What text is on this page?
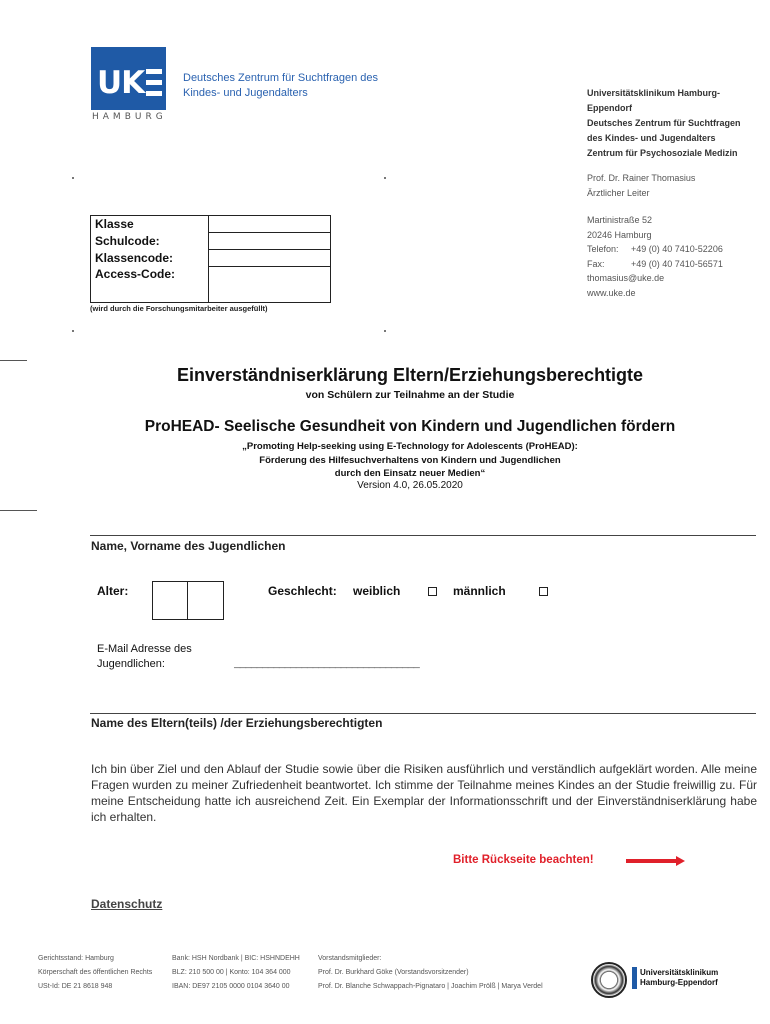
UK
HAMBURG
Deutsches Zentrum für Suchtfragen des
Kindes- und Jugendalters	Universitätsklinikum Hamburg-
Eppendorf
Deutsches Zentrum für Suchtfragen
des Kindes- und Jugendalters
Zentrum für Psychosoziale Medizin
Prof. Dr. Rainer Thomasius
Ärztlicher Leiter
Martinistraße 52
20246 Hamburg
Telefon: +49 (0) 40 7410-52206
Fax:	+49 (0) 40 7410-56571
thomasius@uke.de
www.uke.de
Klasse	
Schulcode:	
Klassencode:	
Access-Code:	
(wird durch die Forschungsmitarbeiter ausgefüllt)
Einverständniserklärung Eltern/Erziehungsberechtigte
von Schülern zur Teilnahme an der Studie
ProHEAD- Seelische Gesundheit von Kindern und Jugendlichen fördern
„Promoting Help-seeking using E-Technology for Adolescents (ProHEAD):
Förderung des Hilfesuchverhaltens von Kindern und Jugendlichen
durch den Einsatz neuer Medien“
Version 4.0, 26.05.2020
Name, Vorname des Jugendlichen
Alter:	Geschlecht: weiblich	männlich
E-Mail Adresse des Jugendlichen:	_________________________________
Name des Eltern(teils) /der Erziehungsberechtigten
Ich bin über Ziel und den Ablauf der Studie sowie über die Risiken ausführlich und verständlich aufgeklärt worden. Alle meine Fragen wurden zu meiner Zufriedenheit beantwortet. Ich stimme der Teilnahme meines Kindes an der Studie freiwillig zu. Für meine Entscheidung hatte ich ausreichend Zeit. Ein Exemplar der Informationsschrift und der Einverständniserklärung habe ich erhalten.
Bitte Rückseite beachten!
Datenschutz
Gerichtsstand: Hamburg
Körperschaft des öffentlichen Rechts
USt-Id: DE 21 8618 948
Bank: HSH Nordbank | BIC: HSHNDEHH
BLZ: 210 500 00 | Konto: 104 364 000
IBAN: DE97 2105 0000 0104 3640 00
Vorstandsmitglieder:
Prof. Dr. Burkhard Göke (Vorstandsvorsitzender)
Prof. Dr. Blanche Schwappach-Pignataro | Joachim Prölß | Marya Verdel
Universitätsklinikum
Hamburg-Eppendorf
